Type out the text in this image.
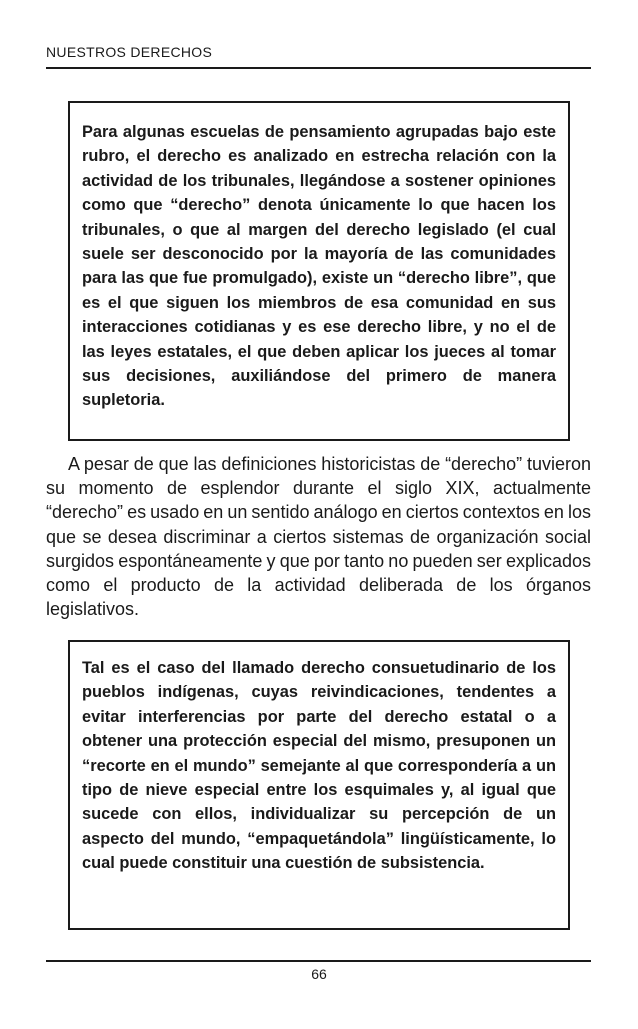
NUESTROS DERECHOS

Para algunas escuelas de pensamiento agrupadas bajo este rubro, el derecho es analizado en estrecha relación con la actividad de los tribunales, llegándose a sostener opiniones como que “derecho” denota únicamente lo que hacen los tribunales, o que al margen del derecho legislado (el cual suele ser desconocido por la mayoría de las comunidades para las que fue promulgado), existe un “derecho libre”, que es el que siguen los miembros de esa comunidad en sus interacciones cotidianas y es ese derecho libre, y no el de las leyes estatales, el que deben aplicar los jueces al tomar sus decisiones, auxiliándose del primero de manera supletoria.

A pesar de que las definiciones historicistas de “derecho” tuvieron su momento de esplendor durante el siglo XIX, actualmente “derecho” es usado en un sentido análogo en ciertos contextos en los que se desea discriminar a ciertos sistemas de organización social surgidos espontáneamente y que por tanto no pueden ser explicados como el producto de la actividad deliberada de los órganos legislativos.

Tal es el caso del llamado derecho consuetudinario de los pueblos indígenas, cuyas reivindicaciones, tendentes a evitar interferencias por parte del derecho estatal o a obtener una protección especial del mismo, presuponen un “recorte en el mundo” semejante al que correspondería a un tipo de nieve especial entre los esquimales y, al igual que sucede con ellos, individualizar su percepción de un aspecto del mundo, “empaquetándola” lingüísticamente, lo cual puede constituir una cuestión de subsistencia.

66
